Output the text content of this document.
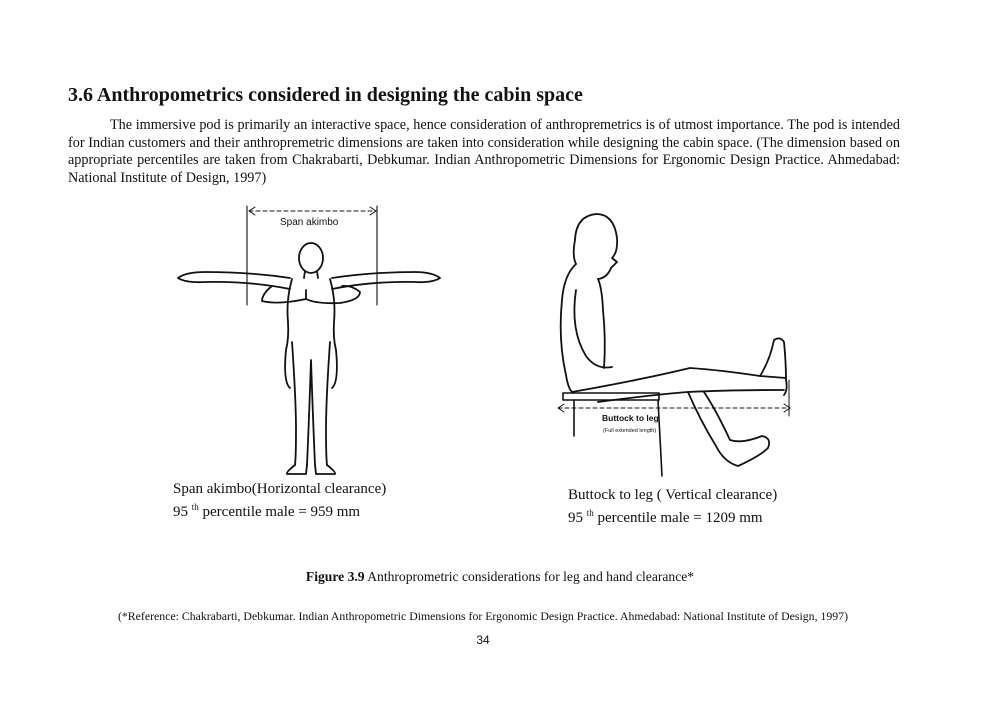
3.6 Anthropometrics considered in designing the cabin space

The immersive pod is primarily an interactive space, hence consideration of anthropremetrics is of utmost importance. The pod is intended for Indian customers and their anthropremetric dimensions are taken into consideration while designing the cabin space. (The dimension based on appropriate percentiles are taken from Chakrabarti, Debkumar. Indian Anthropometric Dimensions for Ergonomic Design Practice. Ahmedabad: National Institute of Design, 1997)

Span akimbo
Buttock to leg
(Full extended length)
Span akimbo(Horizontal clearance)
95 $^{th}$ percentile male = 959 mm
Buttock to leg ( Vertical clearance)
95 $^{th}$ percentile male = 1209 mm
Figure 3.9 Anthroprometric considerations for leg and hand clearance*
(*Reference: Chakrabarti, Debkumar. Indian Anthropometric Dimensions for Ergonomic Design Practice. Ahmedabad: National Institute of Design, 1997)
34
